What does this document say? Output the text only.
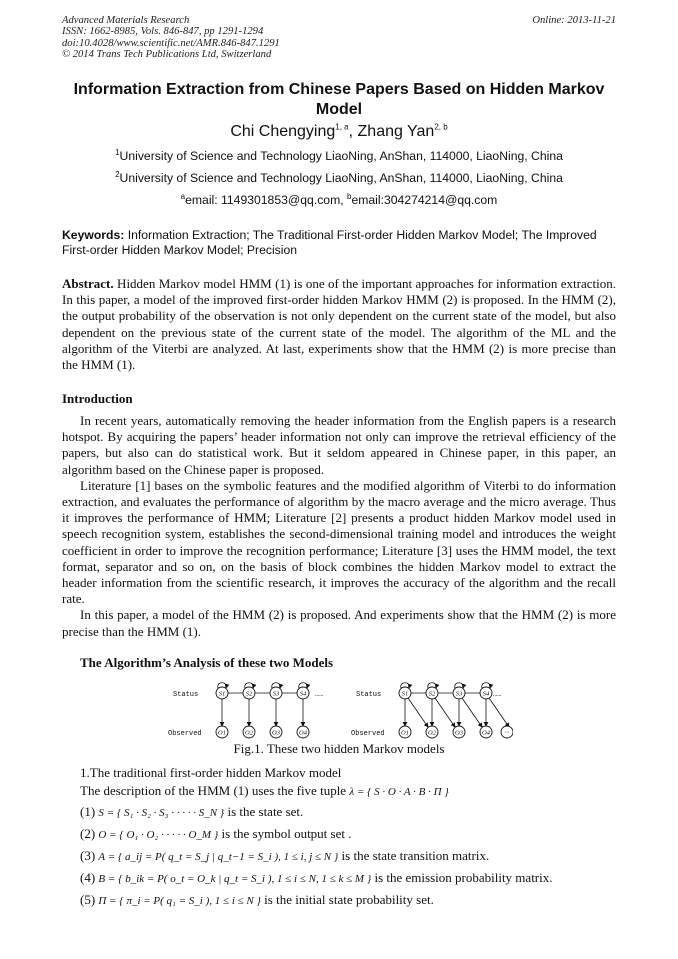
Advanced Materials Research
ISSN: 1662-8985, Vols. 846-847, pp 1291-1294
doi:10.4028/www.scientific.net/AMR.846-847.1291
© 2014 Trans Tech Publications Ltd, Switzerland
Online: 2013-11-21
Information Extraction from Chinese Papers Based on Hidden Markov Model
Chi Chengying$^{1, a}$, Zhang Yan$^{2, b}$
$^1$University of Science and Technology LiaoNing, AnShan, 114000, LiaoNing, China
$^2$University of Science and Technology LiaoNing, AnShan, 114000, LiaoNing, China
$^a$email: 1149301853@qq.com, $^b$email:304274214@qq.com
Keywords: Information Extraction; The Traditional First-order Hidden Markov Model; The Improved First-order Hidden Markov Model; Precision
Abstract. Hidden Markov model HMM (1) is one of the important approaches for information extraction. In this paper, a model of the improved first-order hidden Markov HMM (2) is proposed. In the HMM (2), the output probability of the observation is not only dependent on the current state of the model, but also dependent on the previous state of the current state of the model. The algorithm of the ML and the algorithm of the Viterbi are analyzed. At last, experiments show that the HMM (2) is more precise than the HMM (1).
Introduction

In recent years, automatically removing the header information from the English papers is a research hotspot. By acquiring the papers’ header information not only can improve the retrieval efficiency of the papers, but also can do statistical work. But it seldom appeared in Chinese paper, in this paper, an algorithm based on the Chinese paper is proposed.

Literature [1] bases on the symbolic features and the modified algorithm of Viterbi to do information extraction, and evaluates the performance of algorithm by the macro average and the micro average. Thus it improves the performance of HMM; Literature [2] presents a product hidden Markov model used in speech recognition system, establishes the second-dimensional training model and introduces the weight coefficient in order to improve the recognition performance; Literature [3] uses the HMM model, the text format, separator and so on, on the basis of block combines the hidden Markov model to extract the header information from the scientific research, it improves the accuracy of the algorithm and the recall rate.

In this paper, a model of the HMM (2) is proposed. And experiments show that the HMM (2) is more precise than the HMM (1).

The Algorithm’s Analysis of these two Models
Status
Observed
……	Status
Observed
……
S1
O1
S2
O2
S3
O3
S4
O4
S1
O1
S2
O2
S3
O3
S4
O4 ···
Fig.1. These two hidden Markov models
1.The traditional first-order hidden Markov model
The description of the HMM (1) uses the five tuple λ = { S · O · A · B · Π }
(1) S = { S₁ · S₂ · S₃ · · · · · S_N } is the state set.
(2) O = { O₁ · O₂ · · · · · O_M } is the symbol output set .
(3) A = { a_ij = P( q_t = S_j | q_t−1 = S_i ), 1 ≤ i, j ≤ N } is the state transition matrix.
(4) B = { b_ik = P( o_t = O_k | q_t = S_i ), 1 ≤ i ≤ N, 1 ≤ k ≤ M } is the emission probability matrix.
(5) Π = { π_i = P( q₁ = S_i ), 1 ≤ i ≤ N } is the initial state probability set.
